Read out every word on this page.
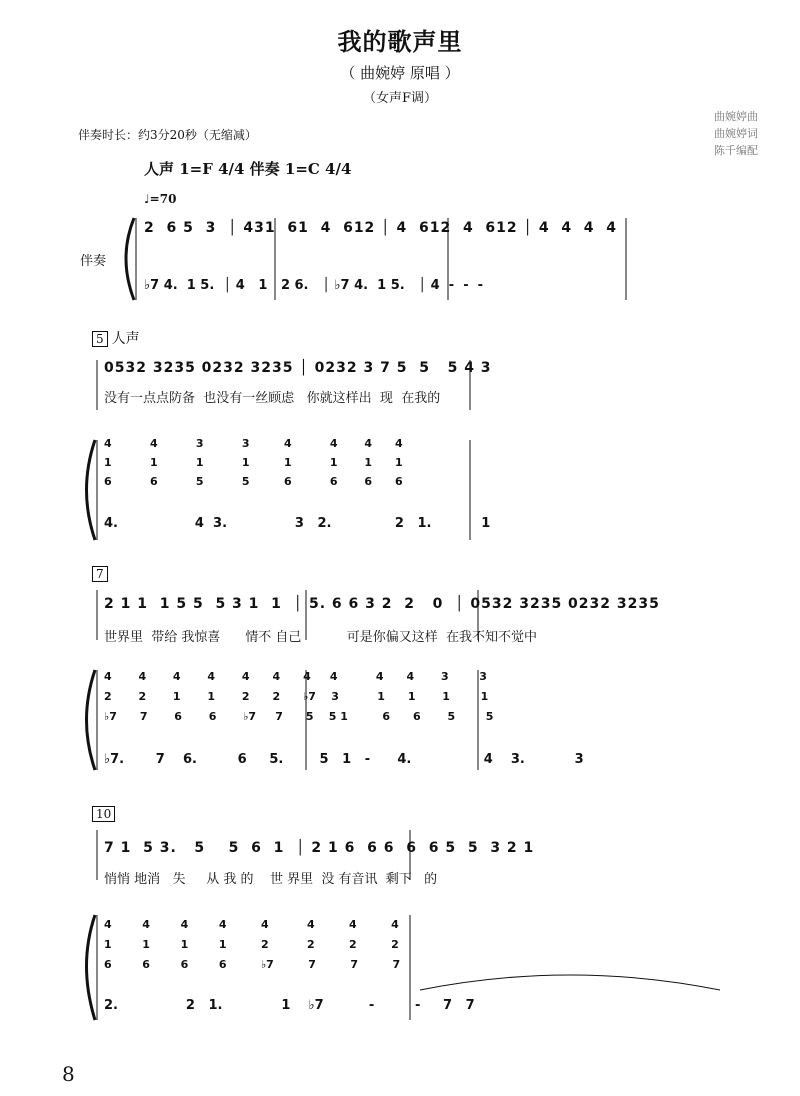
我的歌声里
（ 曲婉婷 原唱 ）
（女声F调）
曲婉婷曲
曲婉婷词
陈千编配
伴奏时长：约3分20秒（无缩减）
人声 1=F 4/4 伴奏 1=C 4/4
♩=70
伴奏
2  6 5  3  │ 431  61  4  612 │ 4  612  4  612 │ 4  4  4  4
♭7 4.  1 5.  │ 4   1   2 6.   │ ♭7 4.  1 5.   │ 4  -  -  -
5 人声
0532 3235 0232 3235 │ 0232 3 7 5  5   5 4 3
没有一点点防备  也没有一丝顾虑   你就这样出  现  在我的
4          4          3          3         4          4       4      4
1          1          1          1         1          1       1      1
6          6          5          5         6          6       6      6
4.                 4  3.               3   2.              2   1.           1
7
2 1 1  1 5 5  5 3 1  1  │ 5. 6 6 3 2  2   0  │ 0532 3235 0232 3235
世界里  带给 我惊喜      情不 自己           可是你偏又这样  在我不知不觉中
4       4       4       4       4      4      4     4          4      4       3        3
2       2       1       1       2      2      ♭7    3          1      1       1        1
♭7      7       6       6       ♭7     7      5    5 1         6      6       5        5
♭7.       7    6.         6     5.        5   1   -      4.                4    3.           3
10
7 1  5 3.   5    5  6  1  │ 2 1 6  6 6  6  6 5  5  3 2 1
悄悄 地消   失     从 我 的    世 界里  没 有音讯  剩下   的
4        4        4        4         4          4         4         4
1        1        1        1         2          2         2         2
6        6        6        6         ♭7         7         7         7
2.               2   1.             1    ♭7          -         -     7   7
8
